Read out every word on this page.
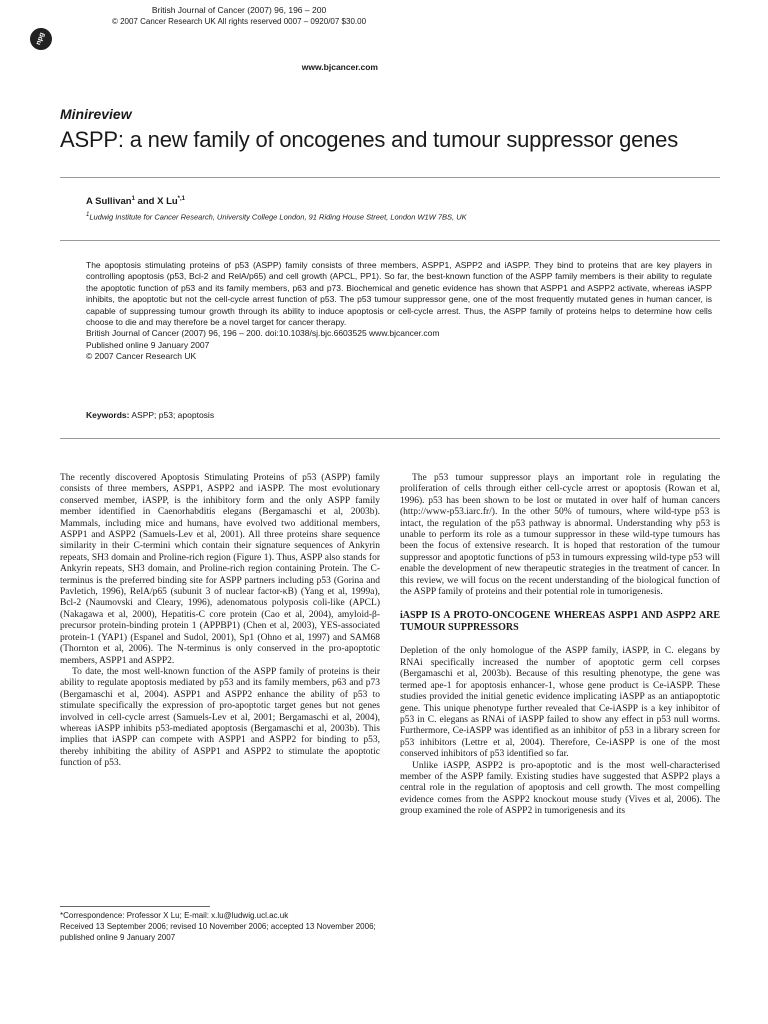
npg
British Journal of Cancer (2007) 96, 196 – 200
© 2007 Cancer Research UK All rights reserved 0007 – 0920/07 $30.00
www.bjcancer.com
Minireview
ASPP: a new family of oncogenes and tumour suppressor genes
A Sullivan$^1$ and X $Lu^{*,1}$
$^1$Ludwig Institute for Cancer Research, University College London, 91 Riding House Street, London W1W 7BS, UK

The apoptosis stimulating proteins of p53 (ASPP) family consists of three members, ASPP1, ASPP2 and iASPP. They bind to proteins that are key players in controlling apoptosis (p53, Bcl-2 and RelA/p65) and cell growth (APCL, PP1). So far, the best-known function of the ASPP family members is their ability to regulate the apoptotic function of p53 and its family members, p63 and p73. Biochemical and genetic evidence has shown that ASPP1 and ASPP2 activate, whereas iASPP inhibits, the apoptotic but not the cell-cycle arrest function of p53. The p53 tumour suppressor gene, one of the most frequently mutated genes in human cancer, is capable of suppressing tumour growth through its ability to induce apoptosis or cell-cycle arrest. Thus, the ASPP family of proteins helps to determine how cells choose to die and may therefore be a novel target for cancer therapy.

British Journal of Cancer (2007) 96, 196 – 200. doi:10.1038/sj.bjc.6603525 www.bjcancer.com

Published online 9 January 2007

© 2007 Cancer Research UK

Keywords: ASPP; p53; apoptosis

The recently discovered Apoptosis Stimulating Proteins of p53 (ASPP) family consists of three members, ASPP1, ASPP2 and iASPP. The most evolutionary conserved member, iASPP, is the inhibitory form and the only ASPP family member identified in Caenorhabditis elegans (Bergamaschi et al, 2003b). Mammals, including mice and humans, have evolved two additional members, ASPP1 and ASPP2 (Samuels-Lev et al, 2001). All three proteins share sequence similarity in their C-termini which contain their signature sequences of Ankyrin repeats, SH3 domain and Proline-rich region (Figure 1). Thus, ASPP also stands for Ankyrin repeats, SH3 domain, and Proline-rich region containing Protein. The C-terminus is the preferred binding site for ASPP partners including p53 (Gorina and Pavletich, 1996), RelA/p65 (subunit 3 of nuclear factor-κB) (Yang et al, 1999a), Bcl-2 (Naumovski and Cleary, 1996), adenomatous polyposis coli-like (APCL) (Nakagawa et al, 2000), Hepatitis-C core protein (Cao et al, 2004), amyloid-β-precursor protein-binding protein 1 (APPBP1) (Chen et al, 2003), YES-associated protein-1 (YAP1) (Espanel and Sudol, 2001), Sp1 (Ohno et al, 1997) and SAM68 (Thornton et al, 2006). The N-terminus is only conserved in the pro-apoptotic members, ASPP1 and ASPP2.

To date, the most well-known function of the ASPP family of proteins is their ability to regulate apoptosis mediated by p53 and its family members, p63 and p73 (Bergamaschi et al, 2004). ASPP1 and ASPP2 enhance the ability of p53 to stimulate specifically the expression of pro-apoptotic target genes but not genes involved in cell-cycle arrest (Samuels-Lev et al, 2001; Bergamaschi et al, 2004), whereas iASPP inhibits p53-mediated apoptosis (Bergamaschi et al, 2003b). This implies that iASPP can compete with ASPP1 and ASPP2 for binding to p53, thereby inhibiting the ability of ASPP1 and ASPP2 to stimulate the apoptotic function of p53.

The p53 tumour suppressor plays an important role in regulating the proliferation of cells through either cell-cycle arrest or apoptosis (Rowan et al, 1996). p53 has been shown to be lost or mutated in over half of human cancers (http://www-p53.iarc.fr/). In the other 50% of tumours, where wild-type p53 is intact, the regulation of the p53 pathway is abnormal. Understanding why p53 is unable to perform its role as a tumour suppressor in these wild-type tumours has been the focus of extensive research. It is hoped that restoration of the tumour suppressor and apoptotic functions of p53 in tumours expressing wild-type p53 will enable the development of new therapeutic strategies in the treatment of cancer. In this review, we will focus on the recent understanding of the biological function of the ASPP family of proteins and their potential role in tumorigenesis.

iASPP IS A PROTO-ONCOGENE WHEREAS ASPP1 AND ASPP2 ARE TUMOUR SUPPRESSORS

Depletion of the only homologue of the ASPP family, iASPP, in C. elegans by RNAi specifically increased the number of apoptotic germ cell corpses (Bergamaschi et al, 2003b). Because of this resulting phenotype, the gene was termed ape-1 for apoptosis enhancer-1, whose gene product is Ce-iASPP. These studies provided the initial genetic evidence implicating iASPP as an antiapoptotic gene. This unique phenotype further revealed that Ce-iASPP is a key inhibitor of p53 in C. elegans as RNAi of iASPP failed to show any effect in p53 null worms. Furthermore, Ce-iASPP was identified as an inhibitor of p53 in a library screen for p53 inhibitors (Lettre et al, 2004). Therefore, Ce-iASPP is one of the most conserved inhibitors of p53 identified so far.

Unlike iASPP, ASPP2 is pro-apoptotic and is the most well-characterised member of the ASPP family. Existing studies have suggested that ASPP2 plays a central role in the regulation of apoptosis and cell growth. The most compelling evidence comes from the ASPP2 knockout mouse study (Vives et al, 2006). The group examined the role of ASPP2 in tumorigenesis and its

*Correspondence: Professor X Lu; E-mail: x.lu@ludwig.ucl.ac.uk
Received 13 September 2006; revised 10 November 2006; accepted 13 November 2006; published online 9 January 2007
